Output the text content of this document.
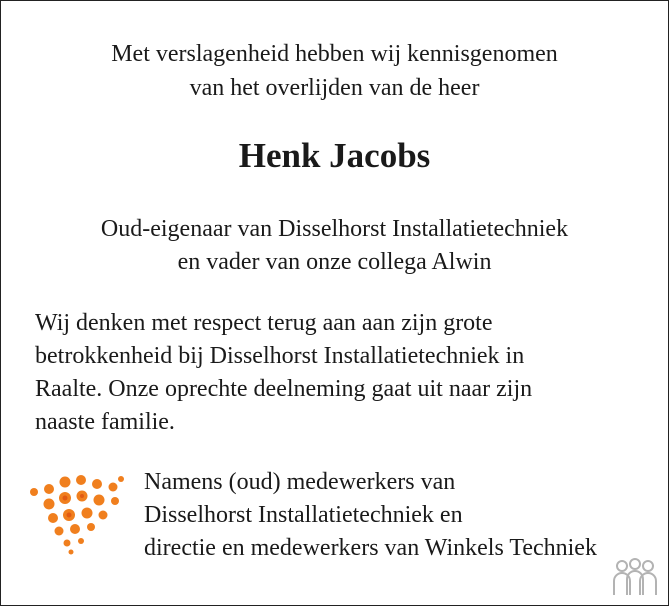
Met verslagenheid hebben wij kennisgenomen
van het overlijden van de heer
Henk Jacobs
Oud-eigenaar van Disselhorst Installatietechniek
en vader van onze collega Alwin
Wij denken met respect terug aan aan zijn grote
betrokkenheid bij Disselhorst Installatietechniek in
Raalte. Onze oprechte deelneming gaat uit naar zijn
naaste familie.
Namens (oud) medewerkers van
Disselhorst Installatietechniek en
directie en medewerkers van Winkels Techniek
